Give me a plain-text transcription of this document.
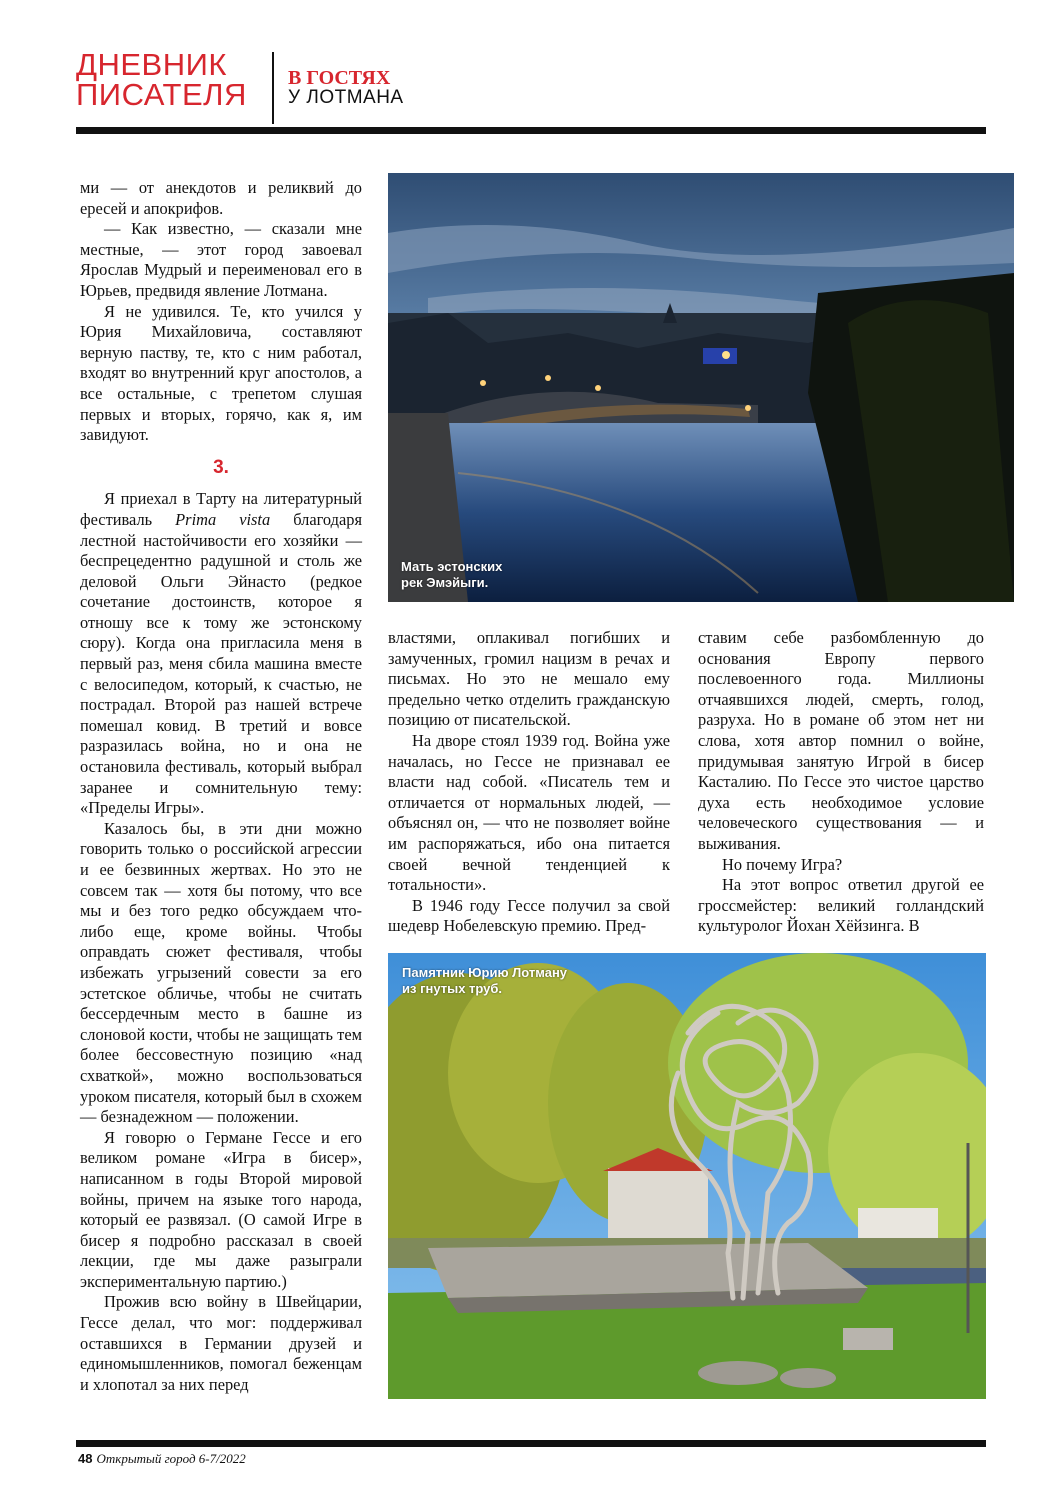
ДНЕВНИК
ПИСАТЕЛЯ	В ГОСТЯХ
У ЛОТМАНА

ми — от анекдотов и реликвий до ересей и апокрифов.

— Как известно, — сказали мне местные, — этот город завоевал Ярослав Мудрый и переименовал его в Юрьев, предвидя явление Лотмана.

Я не удивился. Те, кто учился у Юрия Михайловича, составляют верную паству, те, кто с ним работал, входят во внутренний круг апостолов, а все остальные, с трепетом слушая первых и вторых, горячо, как я, им завидуют.

3.

Я приехал в Тарту на литературный фестиваль Prima vista благодаря лестной настойчивости его хозяйки — беспрецедентно радушной и столь же деловой Ольги Эйнасто (редкое сочетание достоинств, которое я отношу все к тому же эстонскому сюру). Когда она пригласила меня в первый раз, меня сбила машина вместе с велосипедом, который, к счастью, не пострадал. Второй раз нашей встрече помешал ковид. В третий и вовсе разразилась война, но и она не остановила фестиваль, который выбрал заранее и сомнительную тему: «Пределы Игры».

Казалось бы, в эти дни можно говорить только о российской агрессии и ее безвинных жертвах. Но это не совсем так — хотя бы потому, что все мы и без того редко обсуждаем что-либо еще, кроме войны. Чтобы оправдать сюжет фестиваля, чтобы избежать угрызений совести за его эстетское обличье, чтобы не считать бессердечным место в башне из слоновой кости, чтобы не защищать тем более бессовестную позицию «над схваткой», можно воспользоваться уроком писателя, который был в схожем — безнадежном — положении.

Я говорю о Германе Гессе и его великом романе «Игра в бисер», написанном в годы Второй мировой войны, причем на языке того народа, который ее развязал. (О самой Игре в бисер я подробно рассказал в своей лекции, где мы даже разыграли экспериментальную партию.)

Прожив всю войну в Швейцарии, Гессе делал, что мог: поддерживал оставшихся в Германии друзей и единомышленников, помогал беженцам и хлопотал за них перед

Мать эстонских
рек Эмэйыги.

властями, оплакивал погибших и замученных, громил нацизм в речах и письмах. Но это не мешало ему предельно четко отделить гражданскую позицию от писательской.

На дворе стоял 1939 год. Война уже началась, но Гессе не признавал ее власти над собой. «Писатель тем и отличается от нормальных людей, — объяснял он, — что не позволяет войне им распоряжаться, ибо она питается своей вечной тенденцией к тотальности».

В 1946 году Гессе получил за свой шедевр Нобелевскую премию. Пред-

ставим себе разбомбленную до основания Европу первого послевоенного года. Миллионы отчаявшихся людей, смерть, голод, разруха. Но в романе об этом нет ни слова, хотя автор помнил о войне, придумывая занятую Игрой в бисер Касталию. По Гессе это чистое царство духа есть необходимое условие человеческого существования — и выживания.

Но почему Игра?

На этот вопрос ответил другой ее гроссмейстер: великий голландский культуролог Йохан Хёйзинга. В

Памятник Юрию Лотману
из гнутых труб.
48 Открытый город 6-7/2022
